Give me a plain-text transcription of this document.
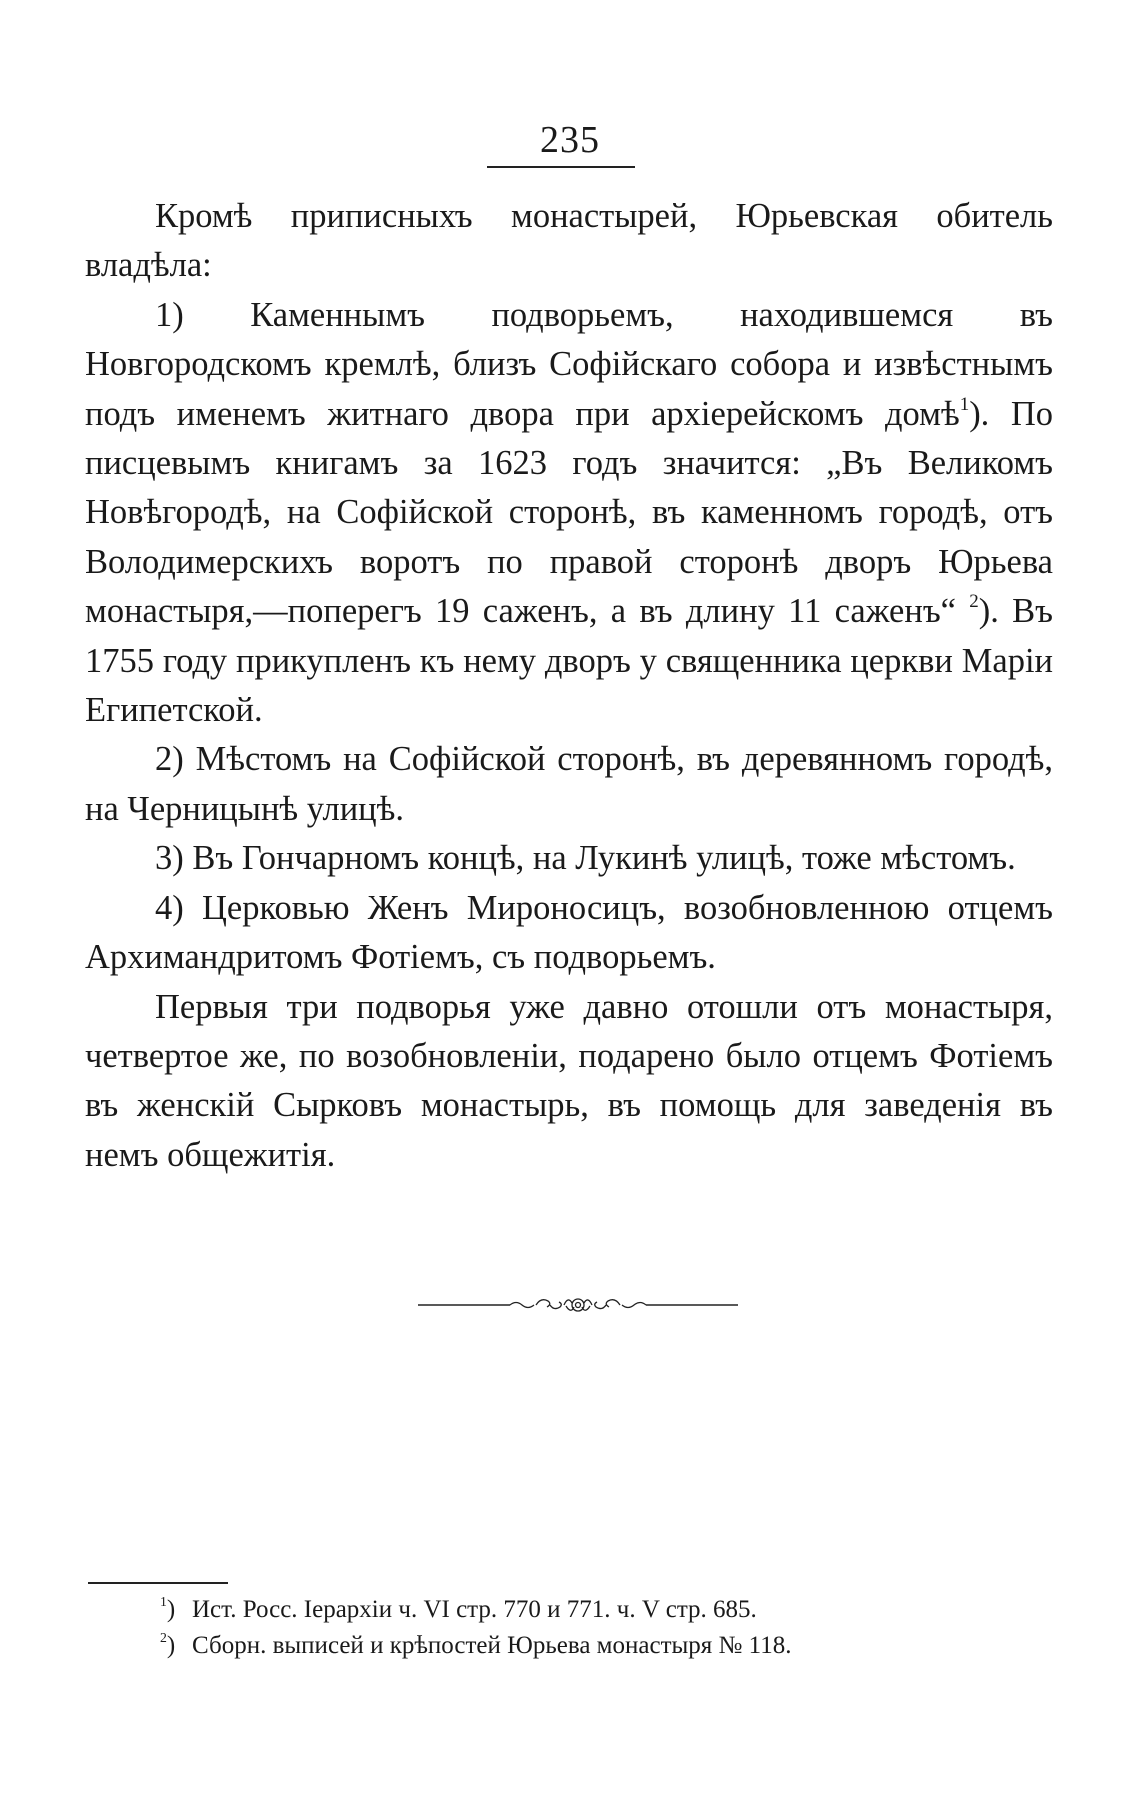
235

Кромѣ приписныхъ монастырей, Юрьевская обитель владѣла:

1) Каменнымъ подворьемъ, находившемся въ Новгородскомъ кремлѣ, близъ Софійскаго собора и извѣстнымъ подъ именемъ житнаго двора при архіерейскомъ домѣ$^1$). По писцевымъ книгамъ за 1623 годъ значится: „Въ Великомъ Новѣгородѣ, на Софійской сторонѣ, въ каменномъ городѣ, отъ Володимерскихъ воротъ по правой сторонѣ дворъ Юрьева монастыря,—поперегъ 19 саженъ, а въ длину 11 саженъ“ $^2$). Въ 1755 году прикупленъ къ нему дворъ у священника церкви Маріи Египетской.

2) Мѣстомъ на Софійской сторонѣ, въ деревянномъ городѣ, на Черницынѣ улицѣ.

3) Въ Гончарномъ концѣ, на Лукинѣ улицѣ, тоже мѣстомъ.

4) Церковью Женъ Мироносицъ, возобновленною отцемъ Архимандритомъ Фотіемъ, съ подворьемъ.

Первыя три подворья уже давно отошли отъ монастыря, четвертое же, по возобновленіи, подарено было отцемъ Фотіемъ въ женскій Сырковъ монастырь, въ помощь для заведенія въ немъ общежитія.

$^1$) Ист. Росс. Іерархіи ч. VI стр. 770 и 771. ч. V стр. 685.

$^2$) Сборн. выписей и крѣпостей Юрьева монастыря № 118.
